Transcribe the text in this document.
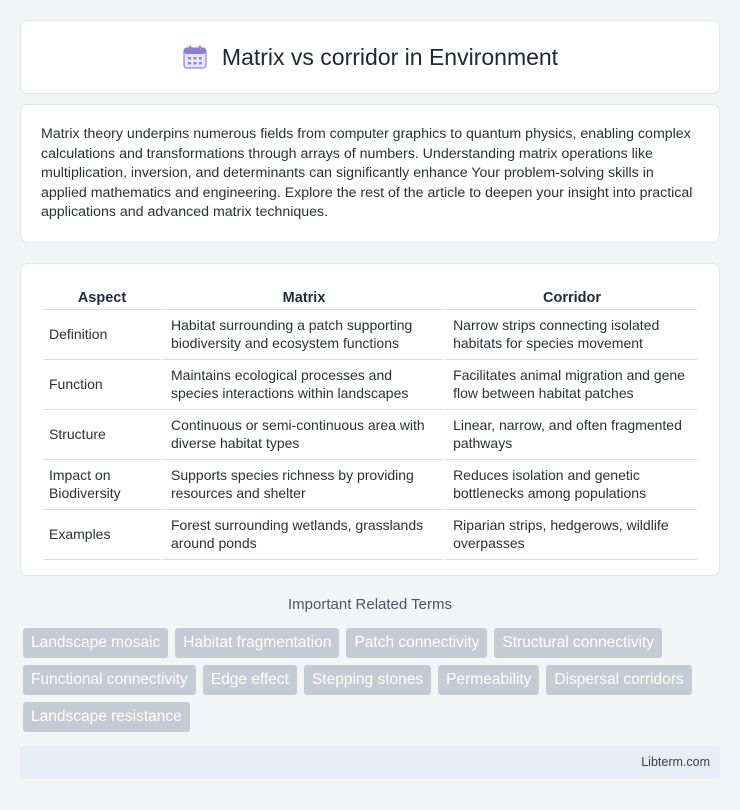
Matrix vs corridor in Environment

Matrix theory underpins numerous fields from computer graphics to quantum physics, enabling complex calculations and transformations through arrays of numbers. Understanding matrix operations like multiplication, inversion, and determinants can significantly enhance Your problem-solving skills in applied mathematics and engineering. Explore the rest of the article to deepen your insight into practical applications and advanced matrix techniques.

Aspect	Matrix	Corridor
Definition	Habitat surrounding a patch supporting biodiversity and ecosystem functions	Narrow strips connecting isolated habitats for species movement
Function	Maintains ecological processes and species interactions within landscapes	Facilitates animal migration and gene flow between habitat patches
Structure	Continuous or semi-continuous area with diverse habitat types	Linear, narrow, and often fragmented pathways
Impact on Biodiversity	Supports species richness by providing resources and shelter	Reduces isolation and genetic bottlenecks among populations
Examples	Forest surrounding wetlands, grasslands around ponds	Riparian strips, hedgerows, wildlife overpasses
Important Related Terms
Landscape mosaic	Habitat fragmentation	Patch connectivity	Structural connectivity
Functional connectivity	Edge effect	Stepping stones	Permeability	Dispersal corridors
Landscape resistance
Libterm.com
